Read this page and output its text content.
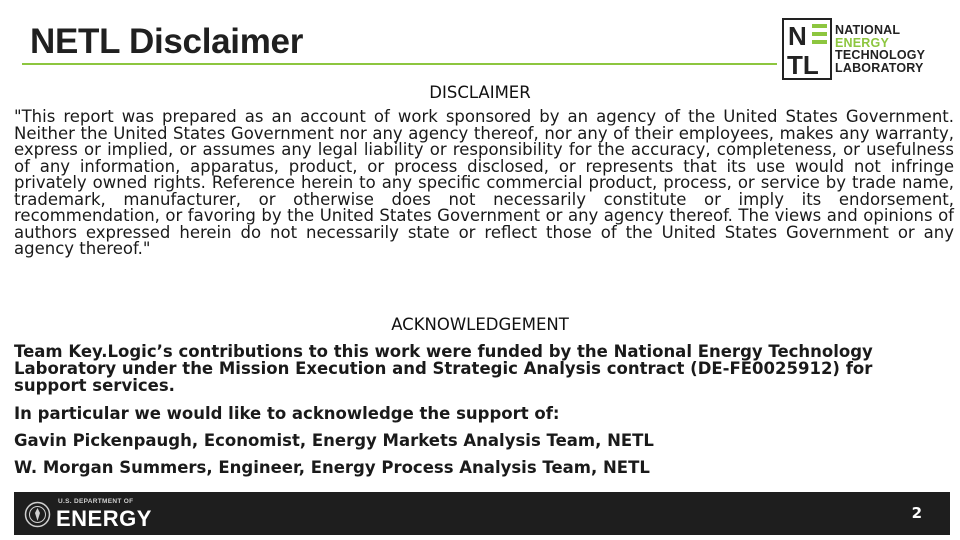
NETL Disclaimer	N
TL
NATIONAL
ENERGY
TECHNOLOGY
LABORATORY
DISCLAIMER

"This report was prepared as an account of work sponsored by an agency of the United States Government. Neither the United States Government nor any agency thereof, nor any of their employees, makes any warranty, express or implied, or assumes any legal liability or responsibility for the accuracy, completeness, or usefulness of any information, apparatus, product, or process disclosed, or represents that its use would not infringe privately owned rights. Reference herein to any specific commercial product, process, or service by trade name, trademark, manufacturer, or otherwise does not necessarily constitute or imply its endorsement, recommendation, or favoring by the United States Government or any agency thereof. The views and opinions of authors expressed herein do not necessarily state or reflect those of the United States Government or any agency thereof."

ACKNOWLEDGEMENT

Team Key.Logic’s contributions to this work were funded by the National Energy Technology Laboratory under the Mission Execution and Strategic Analysis contract (DE-FE0025912) for support services.

In particular we would like to acknowledge the support of:

Gavin Pickenpaugh, Economist, Energy Markets Analysis Team, NETL

W. Morgan Summers, Engineer, Energy Process Analysis Team, NETL

U.S. DEPARTMENT OF
ENERGY	2
